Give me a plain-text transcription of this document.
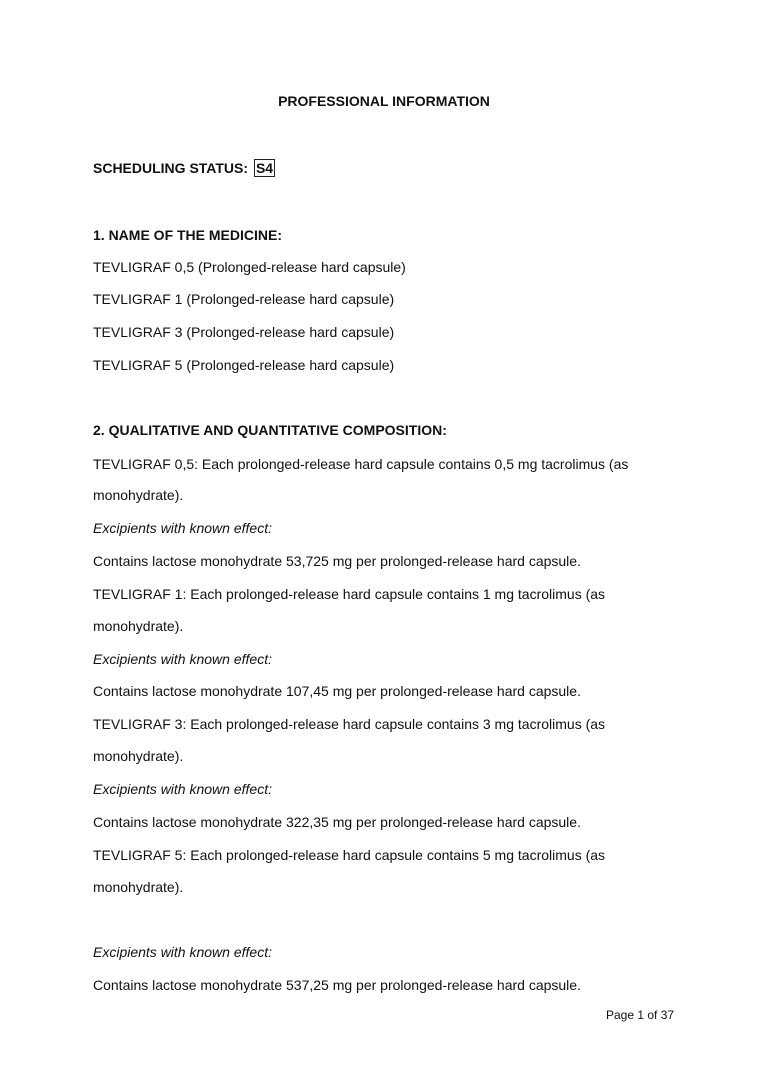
PROFESSIONAL INFORMATION
SCHEDULING STATUS: S4
1. NAME OF THE MEDICINE:
TEVLIGRAF 0,5 (Prolonged-release hard capsule)
TEVLIGRAF 1 (Prolonged-release hard capsule)
TEVLIGRAF 3 (Prolonged-release hard capsule)
TEVLIGRAF 5 (Prolonged-release hard capsule)
2. QUALITATIVE AND QUANTITATIVE COMPOSITION:
TEVLIGRAF 0,5: Each prolonged-release hard capsule contains 0,5 mg tacrolimus (as
monohydrate).
Excipients with known effect:
Contains lactose monohydrate 53,725 mg per prolonged-release hard capsule.
TEVLIGRAF 1: Each prolonged-release hard capsule contains 1 mg tacrolimus (as
monohydrate).
Excipients with known effect:
Contains lactose monohydrate 107,45 mg per prolonged-release hard capsule.
TEVLIGRAF 3: Each prolonged-release hard capsule contains 3 mg tacrolimus (as
monohydrate).
Excipients with known effect:
Contains lactose monohydrate 322,35 mg per prolonged-release hard capsule.
TEVLIGRAF 5: Each prolonged-release hard capsule contains 5 mg tacrolimus (as
monohydrate).
Excipients with known effect:
Contains lactose monohydrate 537,25 mg per prolonged-release hard capsule.
Page 1 of 37
